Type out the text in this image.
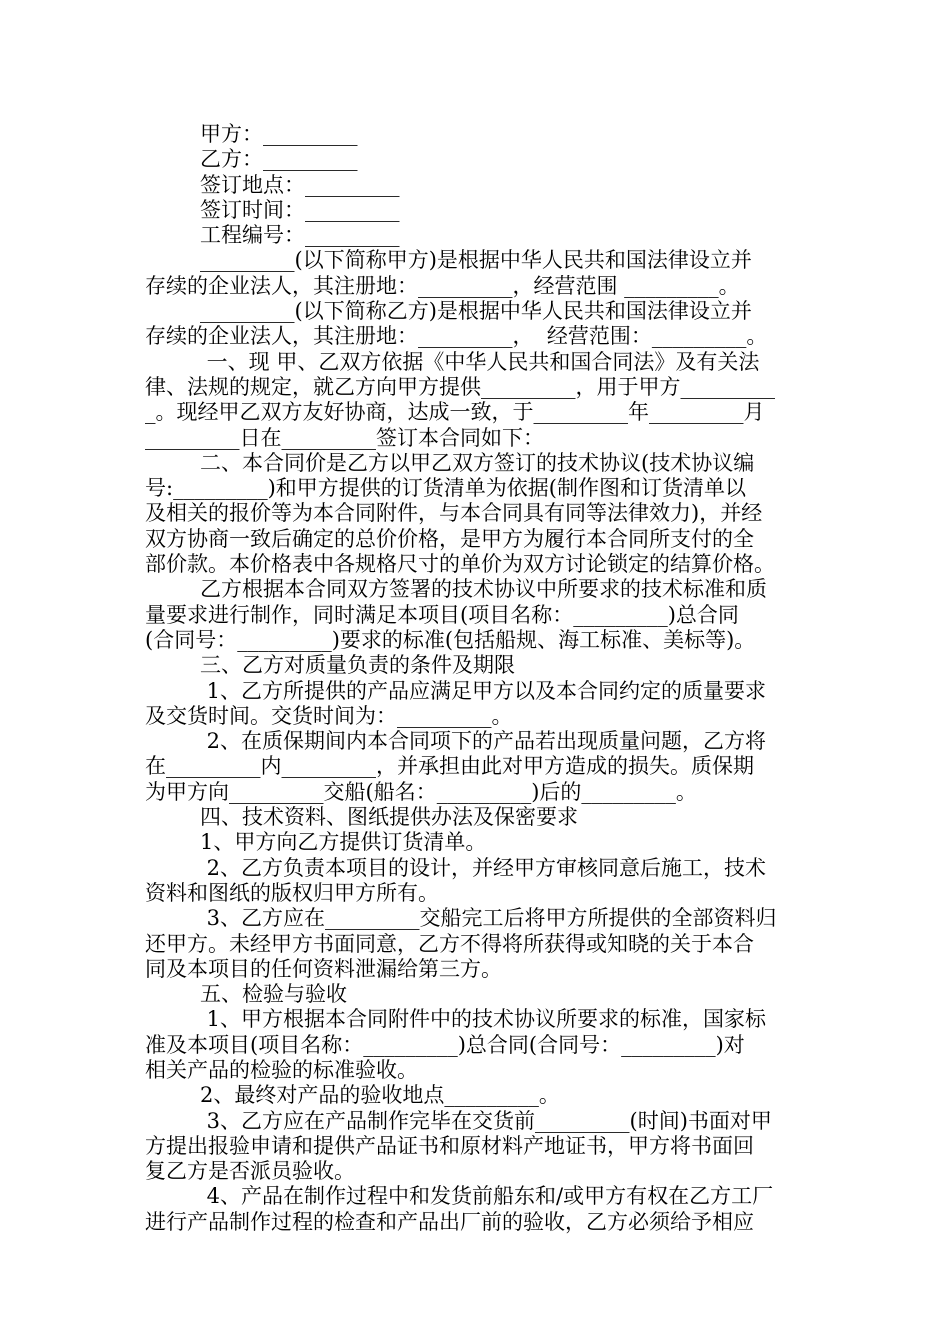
甲方：_________
乙方：_________
签订地点：_________
签订时间：_________
工程编号：_________
_________(以下简称甲方)是根据中华人民共和国法律设立并
存续的企业法人，其注册地：_________，经营范围 _________。
_________(以下简称乙方)是根据中华人民共和国法律设立并
存续的企业法人，其注册地：_________，  经营范围：_________。
一、现 甲、乙双方依据《中华人民共和国合同法》及有关法
律、法规的规定，就乙方向甲方提供_________，用于甲方_________
_。现经甲乙双方友好协商，达成一致，于_________年_________月
_________日在_________签订本合同如下：
二、本合同价是乙方以甲乙双方签订的技术协议(技术协议编
号:_________)和甲方提供的订货清单为依据(制作图和订货清单以
及相关的报价等为本合同附件，与本合同具有同等法律效力)，并经
双方协商一致后确定的总价价格，是甲方为履行本合同所支付的全
部价款。本价格表中各规格尺寸的单价为双方讨论锁定的结算价格。
乙方根据本合同双方签署的技术协议中所要求的技术标准和质
量要求进行制作，同时满足本项目(项目名称：_________)总合同
(合同号：_________)要求的标准(包括船规、海工标准、美标等)。
三、乙方对质量负责的条件及期限
1、乙方所提供的产品应满足甲方以及本合同约定的质量要求
及交货时间。交货时间为：_________。
2、在质保期间内本合同项下的产品若出现质量问题，乙方将
在_________内_________，并承担由此对甲方造成的损失。质保期
为甲方向_________交船(船名：_________)后的_________。
四、技术资料、图纸提供办法及保密要求
1、甲方向乙方提供订货清单。
2、乙方负责本项目的设计，并经甲方审核同意后施工，技术
资料和图纸的版权归甲方所有。
3、乙方应在_________交船完工后将甲方所提供的全部资料归
还甲方。未经甲方书面同意，乙方不得将所获得或知晓的关于本合
同及本项目的任何资料泄漏给第三方。
五、检验与验收
1、甲方根据本合同附件中的技术协议所要求的标准，国家标
准及本项目(项目名称：_________)总合同(合同号：_________)对
相关产品的检验的标准验收。
2、最终对产品的验收地点_________。
3、乙方应在产品制作完毕在交货前_________(时间)书面对甲
方提出报验申请和提供产品证书和原材料产地证书，甲方将书面回
复乙方是否派员验收。
4、产品在制作过程中和发货前船东和/或甲方有权在乙方工厂
进行产品制作过程的检查和产品出厂前的验收，乙方必须给予相应
